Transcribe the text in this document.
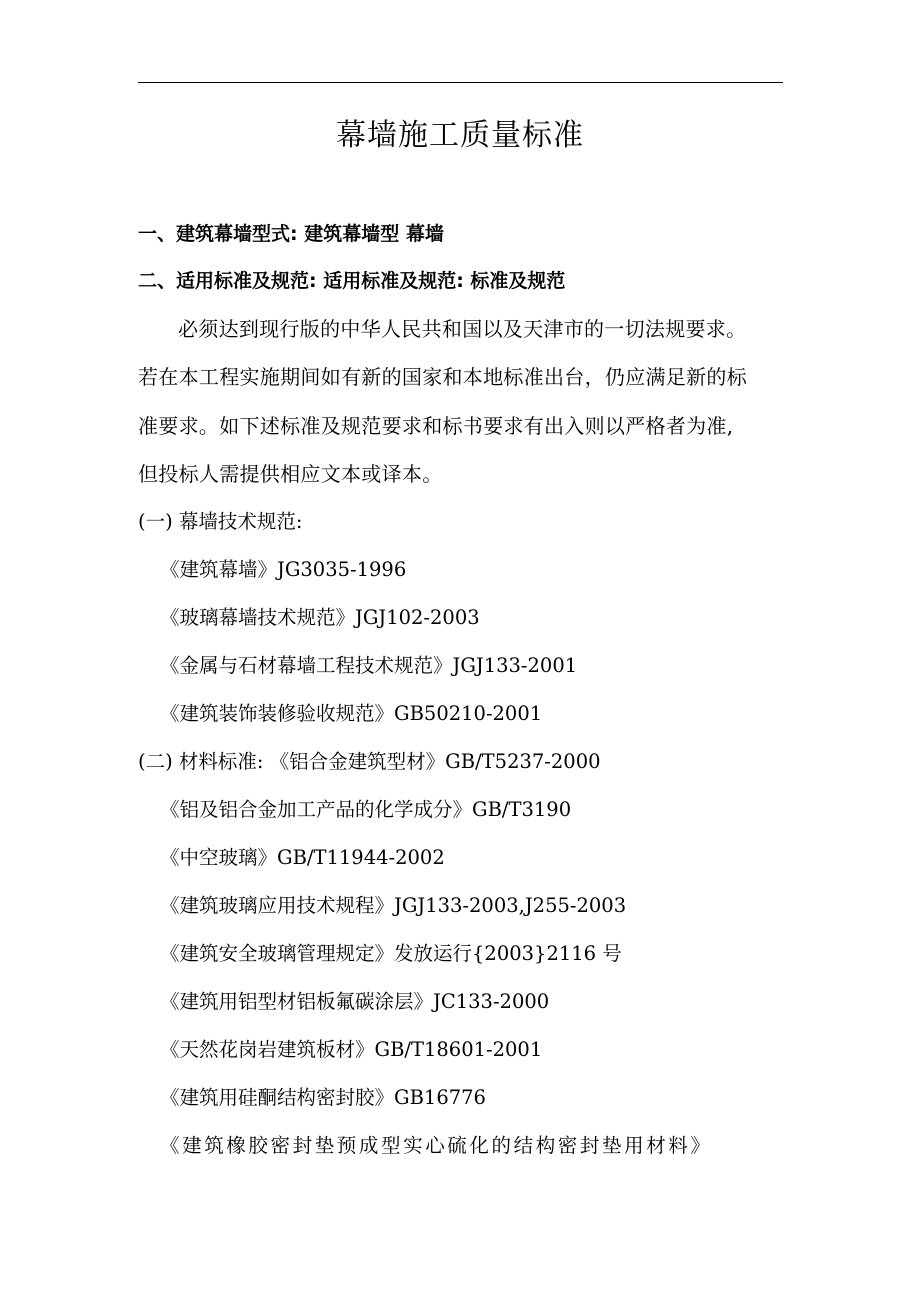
幕墙施工质量标准
一、建筑幕墙型式: 建筑幕墙型 幕墙
二、适用标准及规范: 适用标准及规范: 标准及规范
必须达到现行版的中华人民共和国以及天津市的一切法规要求。
若在本工程实施期间如有新的国家和本地标准出台，仍应满足新的标
准要求。如下述标准及规范要求和标书要求有出入则以严格者为准,
但投标人需提供相应文本或译本。
(一) 幕墙技术规范:
《建筑幕墙》JG3035-1996
《玻璃幕墙技术规范》JGJ102-2003
《金属与石材幕墙工程技术规范》JGJ133-2001
《建筑装饰装修验收规范》GB50210-2001
(二) 材料标准: 《铝合金建筑型材》GB/T5237-2000
《铝及铝合金加工产品的化学成分》GB/T3190
《中空玻璃》GB/T11944-2002
《建筑玻璃应用技术规程》JGJ133-2003,J255-2003
《建筑安全玻璃管理规定》发放运行{2003}2116 号
《建筑用铝型材铝板氟碳涂层》JC133-2000
《天然花岗岩建筑板材》GB/T18601-2001
《建筑用硅酮结构密封胶》GB16776
《建筑橡胶密封垫预成型实心硫化的结构密封垫用材料》
